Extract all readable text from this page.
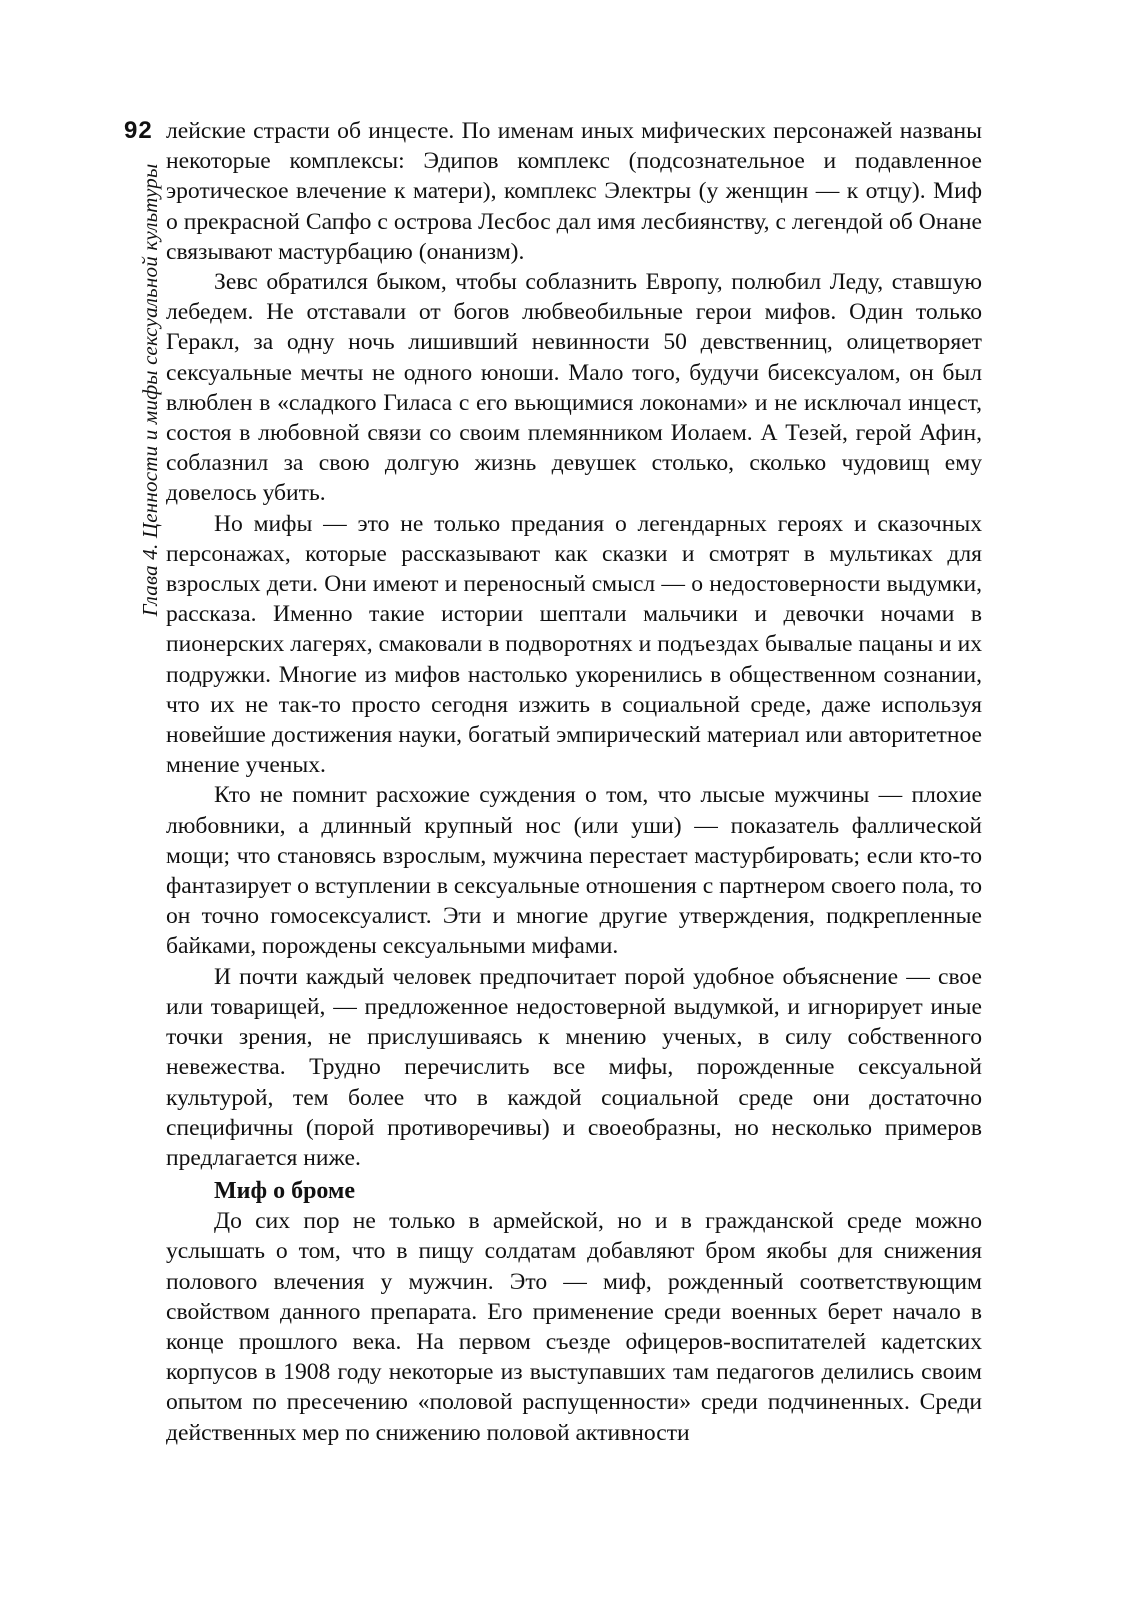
92
Глава 4. Ценности и мифы сексуальной культуры

лейские страсти об инцесте. По именам иных мифических персонажей названы некоторые комплексы: Эдипов комплекс (подсознательное и подавленное эротическое влечение к матери), комплекс Электры (у женщин — к отцу). Миф о прекрасной Сапфо с острова Лесбос дал имя лесбиянству, с легендой об Онане связывают мастурбацию (онанизм).

Зевс обратился быком, чтобы соблазнить Европу, полюбил Леду, ставшую лебедем. Не отставали от богов любвеобильные герои мифов. Один только Геракл, за одну ночь лишивший невинности 50 девственниц, олицетворяет сексуальные мечты не одного юноши. Мало того, будучи бисексуалом, он был влюблен в «сладкого Гиласа с его вьющимися локонами» и не исключал инцест, состоя в любовной связи со своим племянником Иолаем. А Тезей, герой Афин, соблазнил за свою долгую жизнь девушек столько, сколько чудовищ ему довелось убить.

Но мифы — это не только предания о легендарных героях и сказочных персонажах, которые рассказывают как сказки и смотрят в мультиках для взрослых дети. Они имеют и переносный смысл — о недостоверности выдумки, рассказа. Именно такие истории шептали мальчики и девочки ночами в пионерских лагерях, смаковали в подворотнях и подъездах бывалые пацаны и их подружки. Многие из мифов настолько укоренились в общественном сознании, что их не так-то просто сегодня изжить в социальной среде, даже используя новейшие достижения науки, богатый эмпирический материал или авторитетное мнение ученых.

Кто не помнит расхожие суждения о том, что лысые мужчины — плохие любовники, а длинный крупный нос (или уши) — показатель фаллической мощи; что становясь взрослым, мужчина перестает мастурбировать; если кто-то фантазирует о вступлении в сексуальные отношения с партнером своего пола, то он точно гомосексуалист. Эти и многие другие утверждения, подкрепленные байками, порождены сексуальными мифами.

И почти каждый человек предпочитает порой удобное объяснение — свое или товарищей, — предложенное недостоверной выдумкой, и игнорирует иные точки зрения, не прислушиваясь к мнению ученых, в силу собственного невежества. Трудно перечислить все мифы, порожденные сексуальной культурой, тем более что в каждой социальной среде они достаточно специфичны (порой противоречивы) и своеобразны, но несколько примеров предлагается ниже.

Миф о броме

До сих пор не только в армейской, но и в гражданской среде можно услышать о том, что в пищу солдатам добавляют бром якобы для снижения полового влечения у мужчин. Это — миф, рожденный соответствующим свойством данного препарата. Его применение среди военных берет начало в конце прошлого века. На первом съезде офицеров-воспитателей кадетских корпусов в 1908 году некоторые из выступавших там педагогов делились своим опытом по пресечению «половой распущенности» среди подчиненных. Среди действенных мер по снижению половой активности
